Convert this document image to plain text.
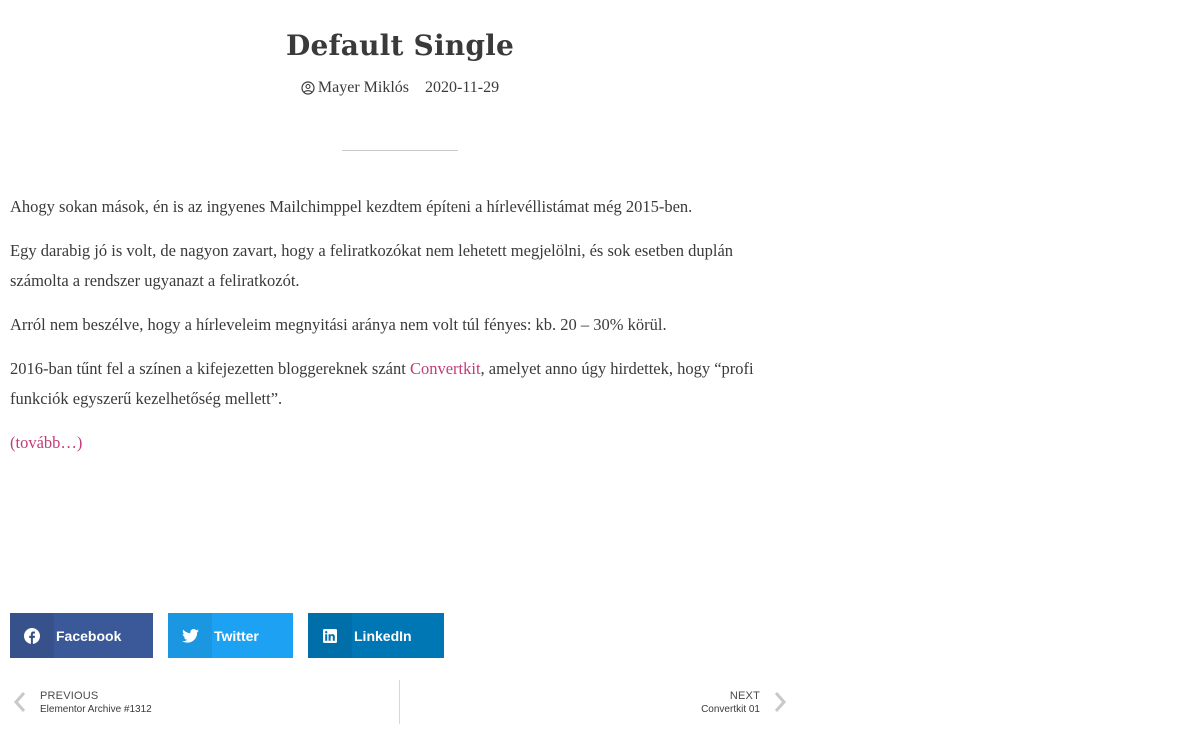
Default Single
Mayer Miklós 2020-11-29

Ahogy sokan mások, én is az ingyenes Mailchimppel kezdtem építeni a hírlevéllistámat még 2015-ben.

Egy darabig jó is volt, de nagyon zavart, hogy a feliratkozókat nem lehetett megjelölni, és sok esetben duplán számolta a rendszer ugyanazt a feliratkozót.

Arról nem beszélve, hogy a hírleveleim megnyitási aránya nem volt túl fényes: kb. 20 – 30% körül.

2016-ban tűnt fel a színen a kifejezetten bloggereknek szánt Convertkit, amelyet anno úgy hirdettek, hogy “profi funkciók egyszerű kezelhetőség mellett”.

(tovább…)

Facebook	Twitter	LinkedIn
PREVIOUS
Elementor Archive #1312
NEXT
Convertkit 01
